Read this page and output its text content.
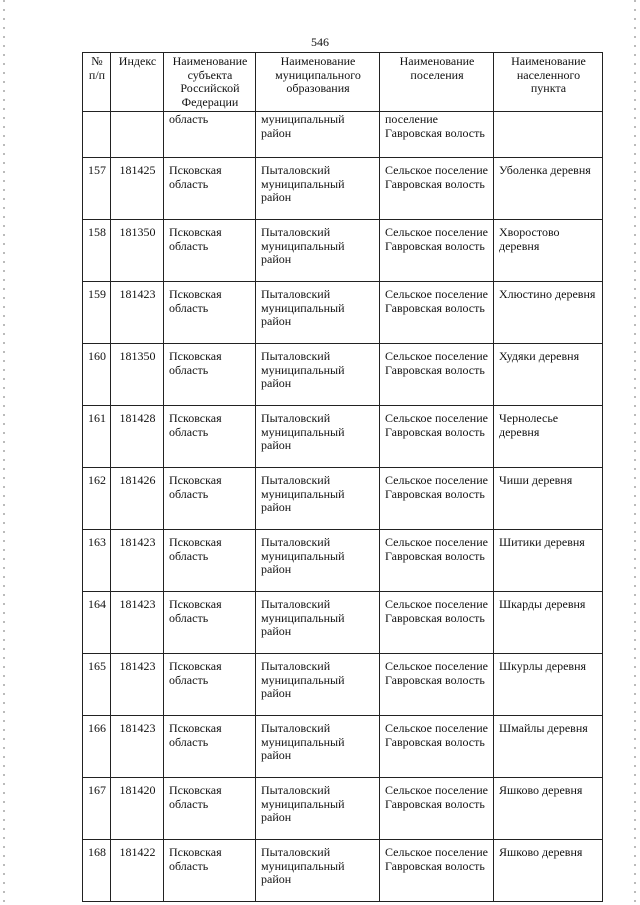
546
№ п/п	Индекс	Наименование субъекта Российской Федерации	Наименование муниципального образования	Наименование поселения	Наименование населенного пункта
		область	муниципальный район	поселение Гавровская волость	
157	181425	Псковская область	Пыталовский муниципальный район	Сельское поселение Гавровская волость	Уболенка деревня
158	181350	Псковская область	Пыталовский муниципальный район	Сельское поселение Гавровская волость	Хворостово деревня
159	181423	Псковская область	Пыталовский муниципальный район	Сельское поселение Гавровская волость	Хлюстино деревня
160	181350	Псковская область	Пыталовский муниципальный район	Сельское поселение Гавровская волость	Худяки деревня
161	181428	Псковская область	Пыталовский муниципальный район	Сельское поселение Гавровская волость	Чернолесье деревня
162	181426	Псковская область	Пыталовский муниципальный район	Сельское поселение Гавровская волость	Чиши деревня
163	181423	Псковская область	Пыталовский муниципальный район	Сельское поселение Гавровская волость	Шитики деревня
164	181423	Псковская область	Пыталовский муниципальный район	Сельское поселение Гавровская волость	Шкарды деревня
165	181423	Псковская область	Пыталовский муниципальный район	Сельское поселение Гавровская волость	Шкурлы деревня
166	181423	Псковская область	Пыталовский муниципальный район	Сельское поселение Гавровская волость	Шмайлы деревня
167	181420	Псковская область	Пыталовский муниципальный район	Сельское поселение Гавровская волость	Яшково деревня
168	181422	Псковская область	Пыталовский муниципальный район	Сельское поселение Гавровская волость	Яшково деревня
